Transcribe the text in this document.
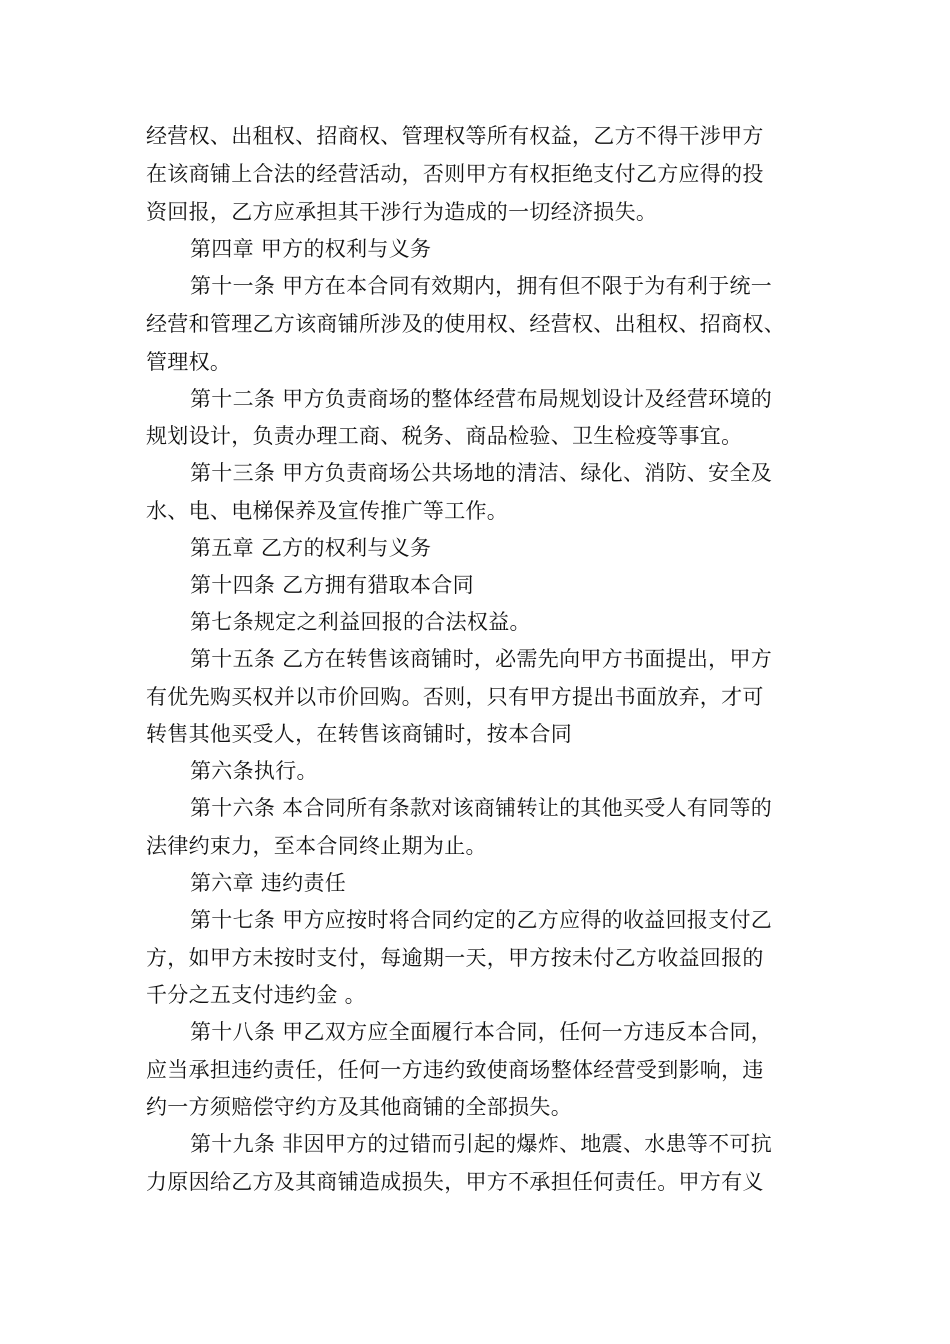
经营权、出租权、招商权、管理权等所有权益，乙方不得干涉甲方
在该商铺上合法的经营活动，否则甲方有权拒绝支付乙方应得的投
资回报，乙方应承担其干涉行为造成的一切经济损失。
第四章 甲方的权利与义务
第十一条 甲方在本合同有效期内，拥有但不限于为有利于统一
经营和管理乙方该商铺所涉及的使用权、经营权、出租权、招商权、
管理权。
第十二条 甲方负责商场的整体经营布局规划设计及经营环境的
规划设计，负责办理工商、税务、商品检验、卫生检疫等事宜。
第十三条 甲方负责商场公共场地的清洁、绿化、消防、安全及
水、电、电梯保养及宣传推广等工作。
第五章 乙方的权利与义务
第十四条 乙方拥有猎取本合同
第七条规定之利益回报的合法权益。
第十五条 乙方在转售该商铺时，必需先向甲方书面提出，甲方
有优先购买权并以市价回购。否则，只有甲方提出书面放弃，才可
转售其他买受人，在转售该商铺时，按本合同
第六条执行。
第十六条 本合同所有条款对该商铺转让的其他买受人有同等的
法律约束力，至本合同终止期为止。
第六章 违约责任
第十七条 甲方应按时将合同约定的乙方应得的收益回报支付乙
方，如甲方未按时支付，每逾期一天，甲方按未付乙方收益回报的
千分之五支付违约金 。
第十八条 甲乙双方应全面履行本合同，任何一方违反本合同，
应当承担违约责任，任何一方违约致使商场整体经营受到影响，违
约一方须赔偿守约方及其他商铺的全部损失。
第十九条 非因甲方的过错而引起的爆炸、地震、水患等不可抗
力原因给乙方及其商铺造成损失，甲方不承担任何责任。甲方有义
